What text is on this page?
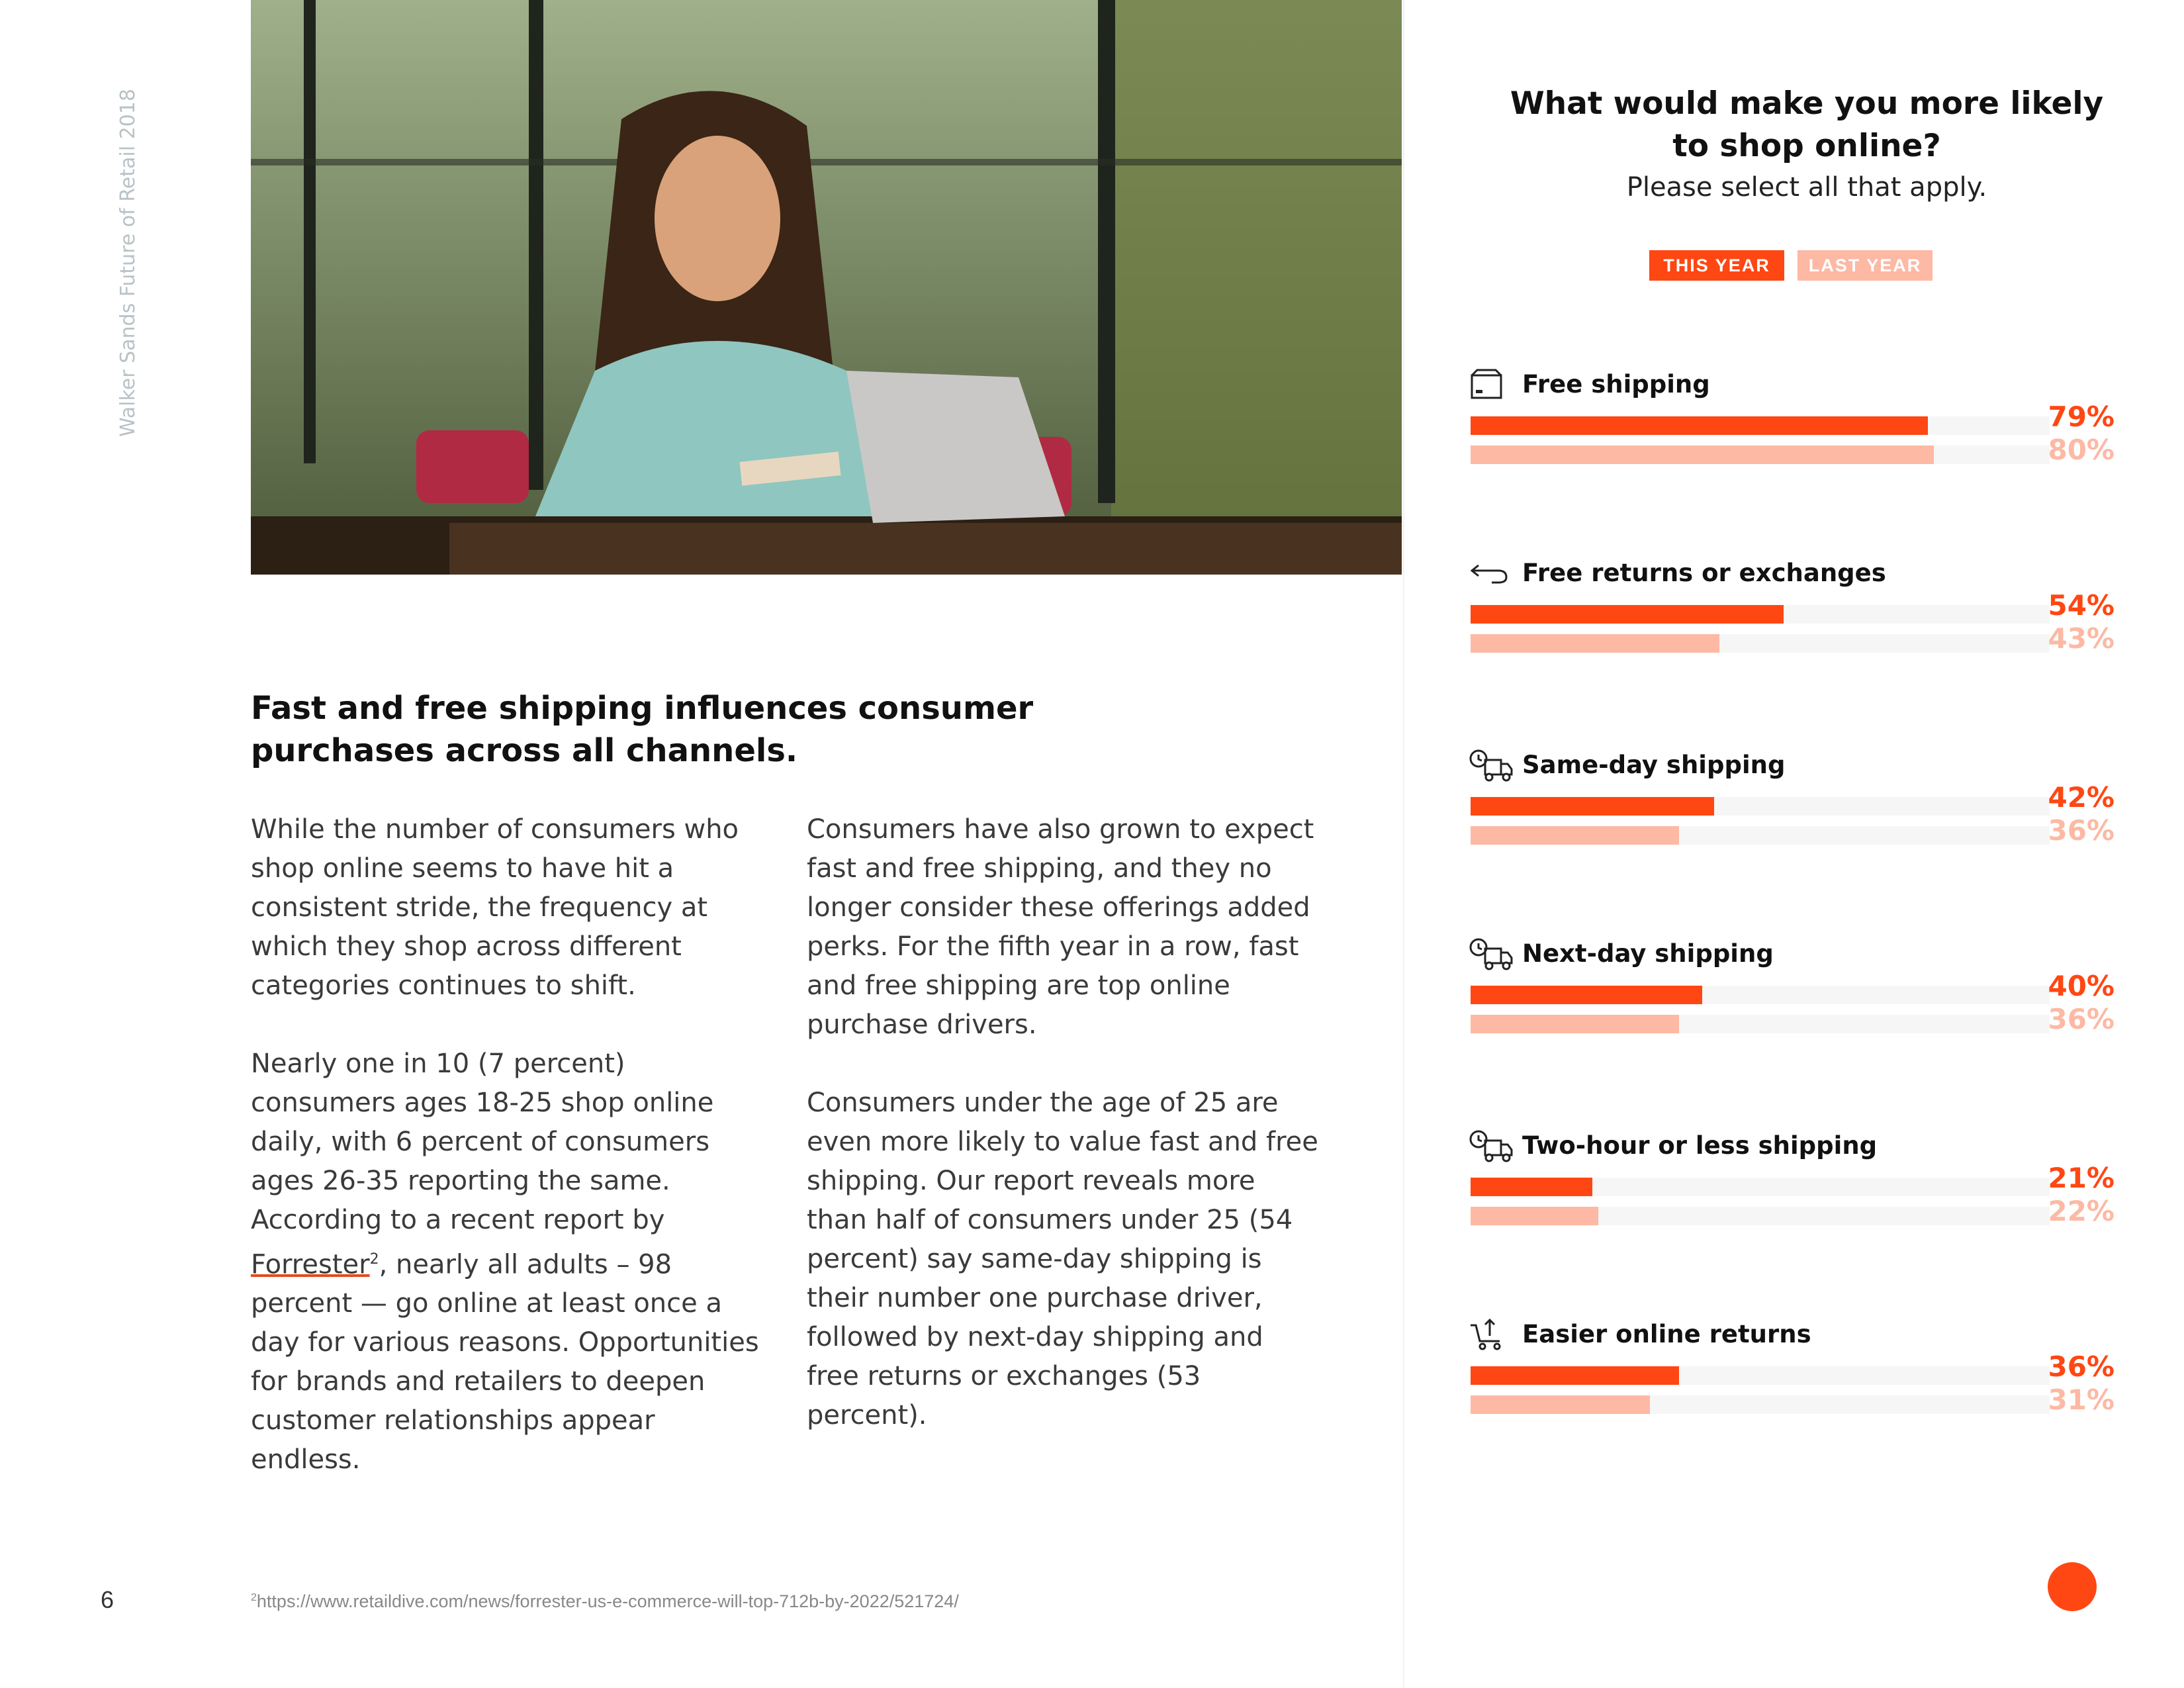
Walker Sands Future of Retail 2018
Fast and free shipping influences consumer purchases across all channels.

While the number of consumers who shop online seems to have hit a consistent stride, the frequency at which they shop across different categories continues to shift.

Nearly one in 10 (7 percent) consumers ages 18-25 shop online daily, with 6 percent of consumers ages 26-35 reporting the same. According to a recent report by Forrester$^2$, nearly all adults – 98 percent — go online at least once a day for various reasons. Opportunities for brands and retailers to deepen customer relationships appear endless.

Consumers have also grown to expect fast and free shipping, and they no longer consider these offerings added perks. For the fifth year in a row, fast and free shipping are top online purchase drivers.

Consumers under the age of 25 are even more likely to value fast and free shipping. Our report reveals more than half of consumers under 25 (54 percent) say same-day shipping is their number one purchase driver, followed by next-day shipping and free returns or exchanges (53 percent).

6	$^2$https://www.retaildive.com/news/forrester-us-e-commerce-will-top-712b-by-2022/521724/
What would make you more likely to shop online?
Please select all that apply.
THIS YEAR	LAST YEAR
Free shipping
79%
80%
Free returns or exchanges
54%
43%
Same-day shipping
42%
36%
Next-day shipping
40%
36%
Two-hour or less shipping
21%
22%
Easier online returns
36%
31%
